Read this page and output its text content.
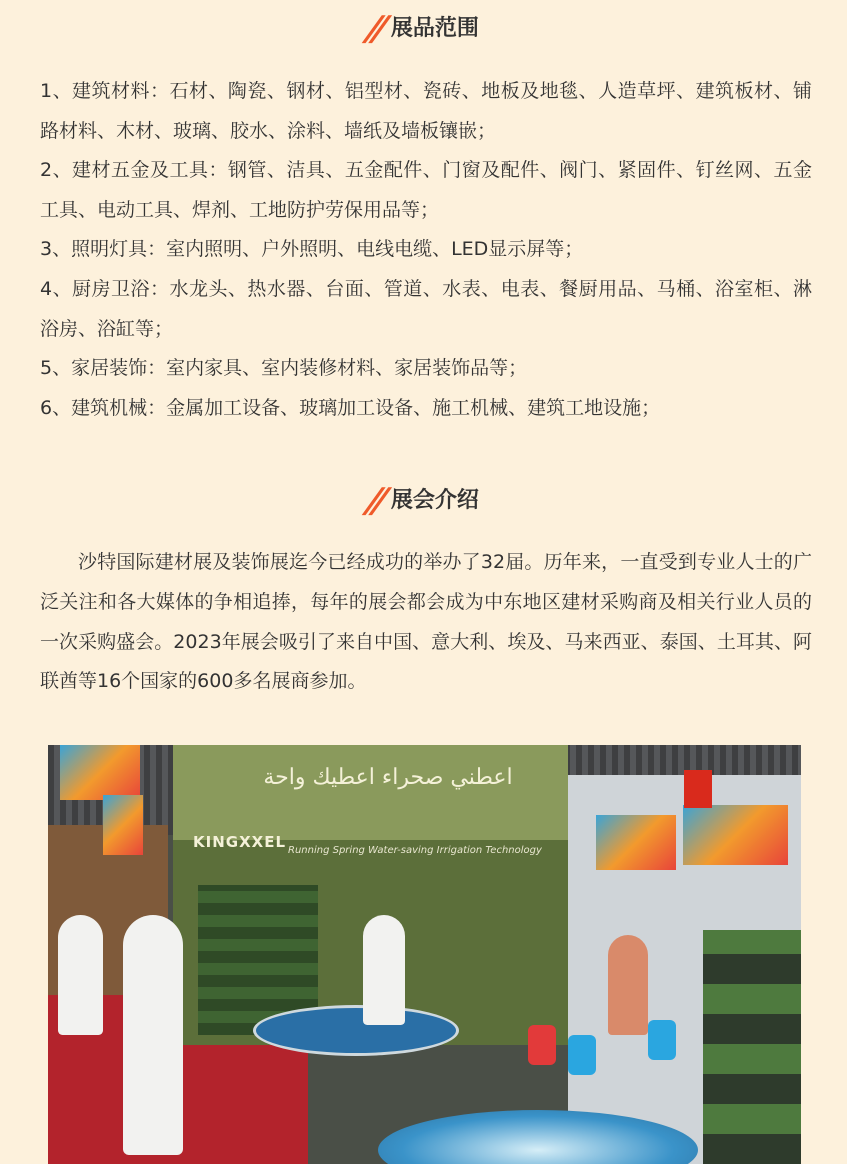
// 展品范围

1、建筑材料：石材、陶瓷、钢材、铝型材、瓷砖、地板及地毯、人造草坪、建筑板材、铺路材料、木材、玻璃、胶水、涂料、墙纸及墙板镶嵌；

2、建材五金及工具：钢管、洁具、五金配件、门窗及配件、阀门、紧固件、钉丝网、五金工具、电动工具、焊剂、工地防护劳保用品等；

3、照明灯具：室内照明、户外照明、电线电缆、LED显示屏等；

4、厨房卫浴：水龙头、热水器、台面、管道、水表、电表、餐厨用品、马桶、浴室柜、淋浴房、浴缸等；

5、家居装饰：室内家具、室内装修材料、家居装饰品等；

6、建筑机械：金属加工设备、玻璃加工设备、施工机械、建筑工地设施；

// 展会介绍

沙特国际建材展及装饰展迄今已经成功的举办了32届。历年来，一直受到专业人士的广泛关注和各大媒体的争相追捧，每年的展会都会成为中东地区建材采购商及相关行业人员的一次采购盛会。2023年展会吸引了来自中国、意大利、埃及、马来西亚、泰国、土耳其、阿联酋等16个国家的600多名展商参加。

اعطني صحراء اعطيك واحة
KINGXXEL Running Spring Water-saving Irrigation Technology
